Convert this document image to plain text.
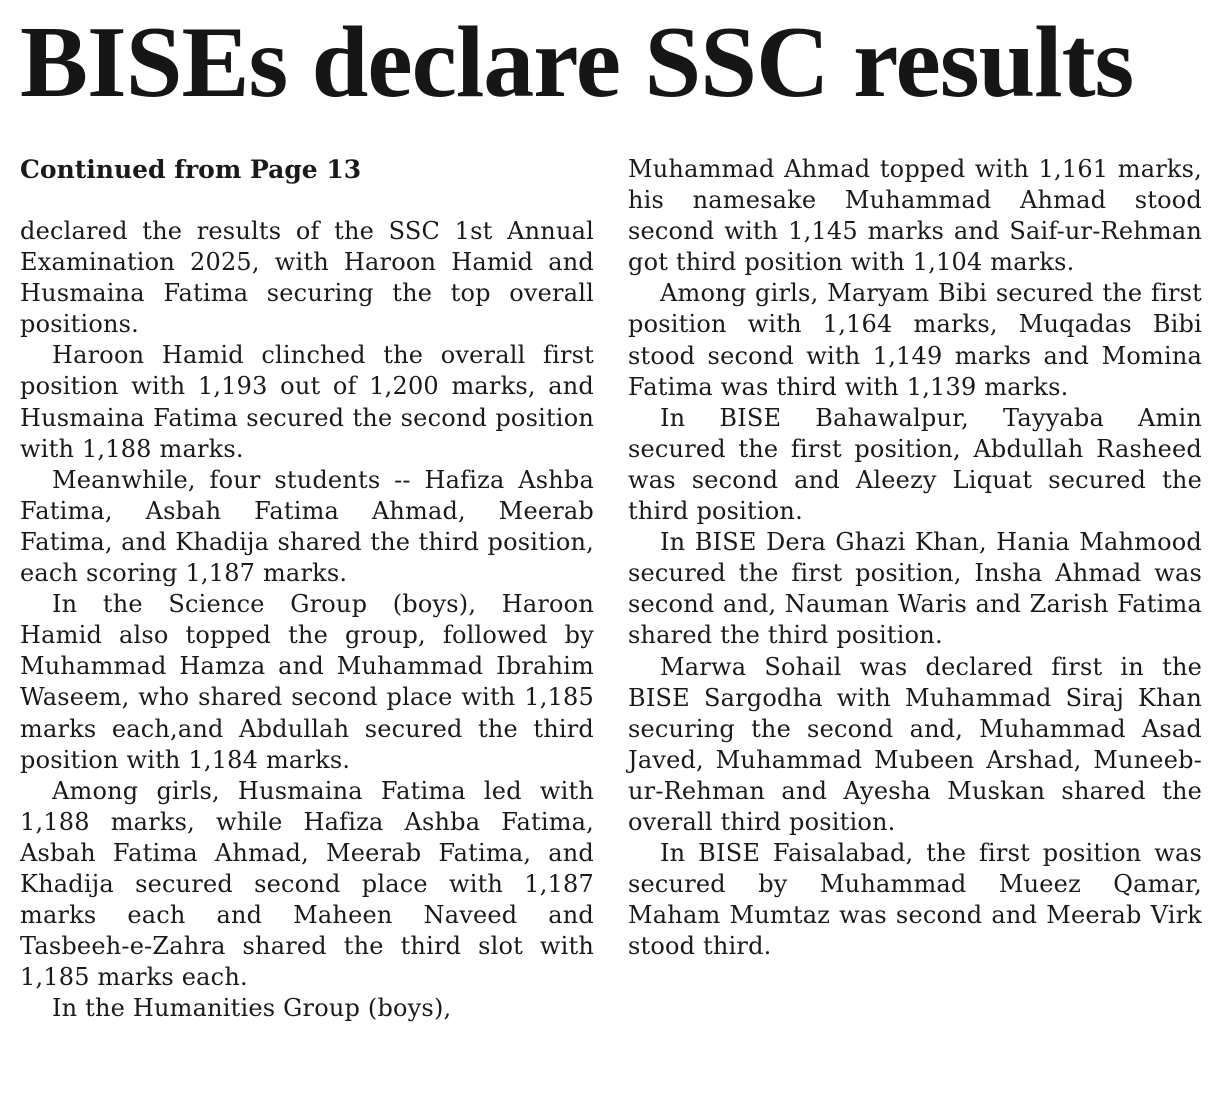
BISEs declare SSC results

Continued from Page 13

declared the results of the SSC 1st Annual Examination 2025, with Haroon Hamid and Husmaina Fatima securing the top overall positions.

Haroon Hamid clinched the overall first position with 1,193 out of 1,200 marks, and Husmaina Fatima secured the second position with 1,188 marks.

Meanwhile, four students -- Hafiza Ashba Fatima, Asbah Fatima Ahmad, Meerab Fatima, and Khadija shared the third position, each scoring 1,187 marks.

In the Science Group (boys), Haroon Hamid also topped the group, followed by Muhammad Hamza and Muhammad Ibrahim Waseem, who shared second place with 1,185 marks each,and Abdullah secured the third position with 1,184 marks.

Among girls, Husmaina Fatima led with 1,188 marks, while Hafiza Ashba Fatima, Asbah Fatima Ahmad, Meerab Fatima, and Khadija secured second place with 1,187 marks each and Maheen Naveed and Tasbeeh-e-Zahra shared the third slot with 1,185 marks each.

In the Humanities Group (boys),

Muhammad Ahmad topped with 1,161 marks, his namesake Muhammad Ahmad stood second with 1,145 marks and Saif-ur-Rehman got third position with 1,104 marks.

Among girls, Maryam Bibi secured the first position with 1,164 marks, Muqadas Bibi stood second with 1,149 marks and Momina Fatima was third with 1,139 marks.

In BISE Bahawalpur, Tayyaba Amin secured the first position, Abdullah Rasheed was second and Aleezy Liquat secured the third position.

In BISE Dera Ghazi Khan, Hania Mahmood secured the first position, Insha Ahmad was second and, Nauman Waris and Zarish Fatima shared the third position.

Marwa Sohail was declared first in the BISE Sargodha with Muhammad Siraj Khan securing the second and, Muhammad Asad Javed, Muhammad Mubeen Arshad, Muneeb-ur-Rehman and Ayesha Muskan shared the overall third position.

In BISE Faisalabad, the first position was secured by Muhammad Mueez Qamar, Maham Mumtaz was second and Meerab Virk stood third.
